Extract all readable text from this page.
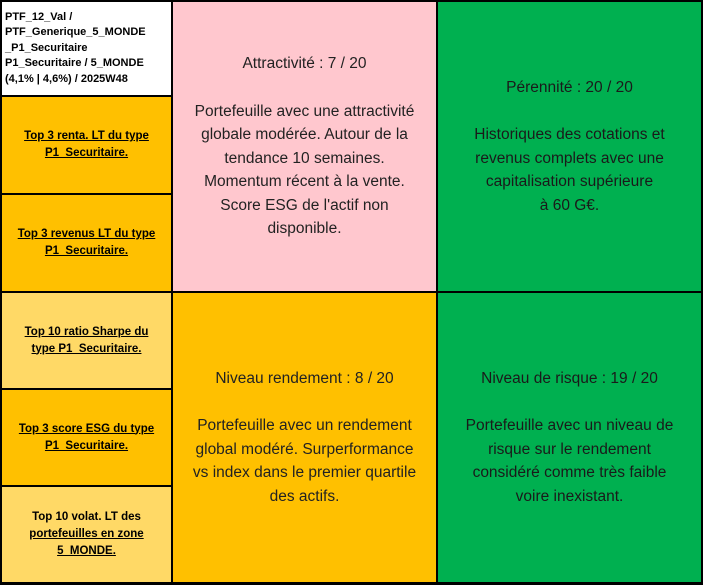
PTF_12_Val /
PTF_Generique_5_MONDE
_P1_Securitaire
P1_Securitaire / 5_MONDE
(4,1% | 4,6%) / 2025W48
Top 3 renta. LT du type
P1_Securitaire.
Top 3 revenus LT du type
P1_Securitaire.
Top 10 ratio Sharpe du
type P1_Securitaire.
Top 3 score ESG du type
P1_Securitaire.
Top 10 volat. LT des
portefeuilles en zone
5_MONDE.
Attractivité : 7 / 20
Portefeuille avec une attractivité
globale modérée. Autour de la
tendance 10 semaines.
Momentum récent à la vente.
Score ESG de l'actif non
disponible.
Pérennité : 20 / 20
Historiques des cotations et
revenus complets avec une
capitalisation supérieure
à 60 G€.
Niveau rendement : 8 / 20
Portefeuille avec un rendement
global modéré. Surperformance
vs index dans le premier quartile
des actifs.
Niveau de risque : 19 / 20
Portefeuille avec un niveau de
risque sur le rendement
considéré comme très faible
voire inexistant.
